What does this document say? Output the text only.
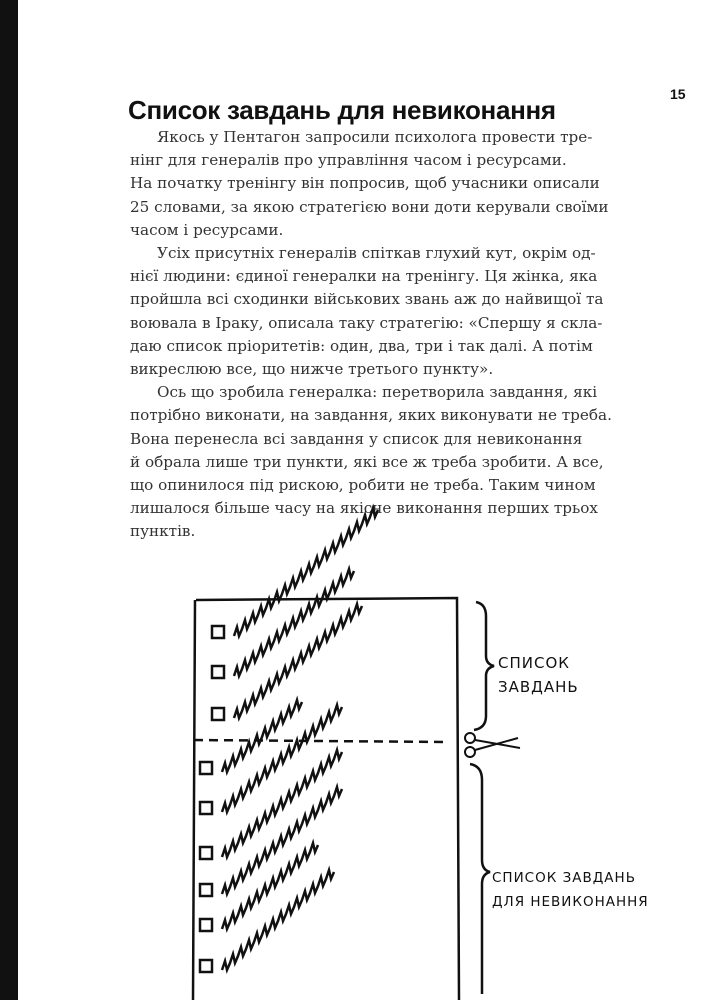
15
Список завдань для невиконання
Якось у Пентагон запросили психолога провести тре-
нінг для генералів про управління часом і ресурсами.
На початку тренінгу він попросив, щоб учасники описали
25 словами, за якою стратегією вони доти керували своїми
часом і ресурсами.
Усіх присутніх генералів спіткав глухий кут, окрім од-
нієї людини: єдиної генералки на тренінгу. Ця жінка, яка
пройшла всі сходинки військових звань аж до найвищої та
воювала в Іраку, описала таку стратегію: «Спершу я скла-
даю список пріоритетів: один, два, три і так далі. А потім
викреслюю все, що нижче третього пункту».
Ось що зробила генералка: перетворила завдання, які
потрібно виконати, на завдання, яких виконувати не треба.
Вона перенесла всі завдання у список для невиконання
й обрала лише три пункти, які все ж треба зробити. А все,
що опинилося під рискою, робити не треба. Таким чином
лишалося більше часу на якісне виконання перших трьох
пунктів.
СПИСОК
ЗАВДАНЬ
СПИСОК ЗАВДАНЬ
ДЛЯ НЕВИКОНАННЯ
